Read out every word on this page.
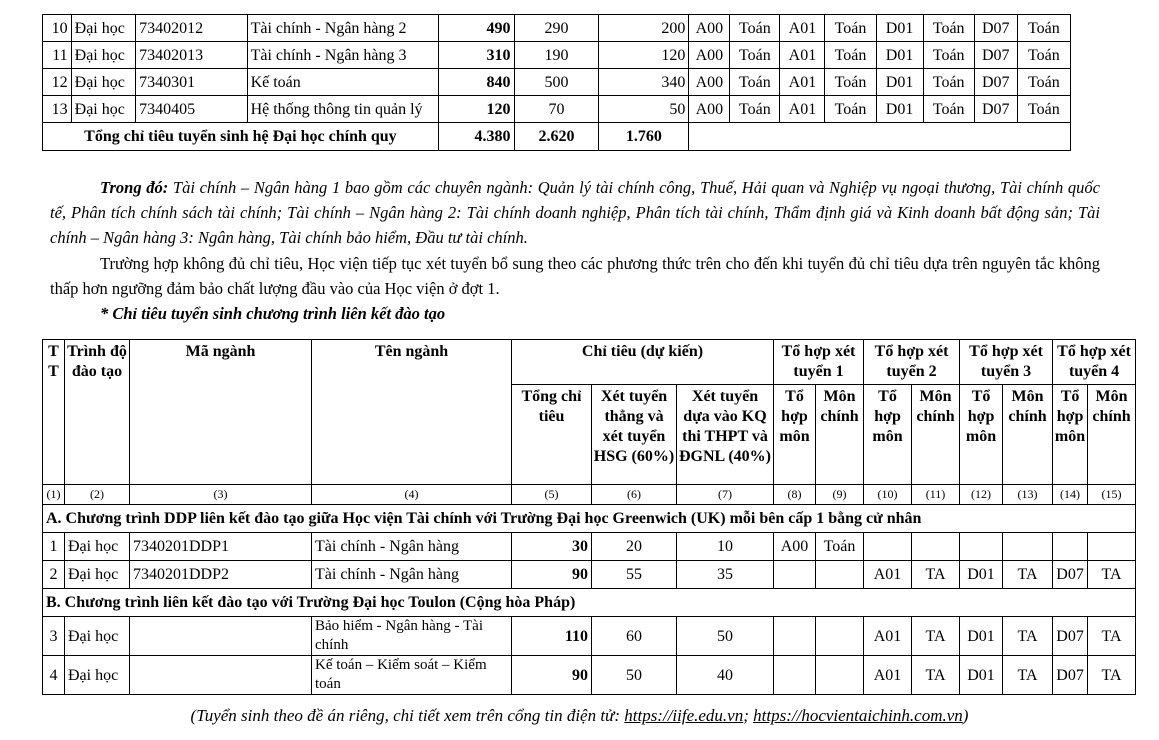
10	Đại học	73402012	Tài chính - Ngân hàng 2	490	290	200	A00	Toán	A01	Toán	D01	Toán	D07	Toán
11	Đại học	73402013	Tài chính - Ngân hàng 3	310	190	120	A00	Toán	A01	Toán	D01	Toán	D07	Toán
12	Đại học	7340301	Kế toán	840	500	340	A00	Toán	A01	Toán	D01	Toán	D07	Toán
13	Đại học	7340405	Hệ thống thông tin quản lý	120	70	50	A00	Toán	A01	Toán	D01	Toán	D07	Toán
Tổng chỉ tiêu tuyển sinh hệ Đại học chính quy				4.380	2.620	1.760								
Trong đó: Tài chính – Ngân hàng 1 bao gồm các chuyên ngành: Quản lý tài chính công, Thuế, Hải quan và Nghiệp vụ ngoại thương, Tài chính quốc tế, Phân tích chính sách tài chính; Tài chính – Ngân hàng 2: Tài chính doanh nghiệp, Phân tích tài chính, Thẩm định giá và Kinh doanh bất động sản; Tài chính – Ngân hàng 3: Ngân hàng, Tài chính bảo hiểm, Đầu tư tài chính.
Trường hợp không đủ chỉ tiêu, Học viện tiếp tục xét tuyển bổ sung theo các phương thức trên cho đến khi tuyển đủ chỉ tiêu dựa trên nguyên tắc không thấp hơn ngưỡng đảm bảo chất lượng đầu vào của Học viện ở đợt 1.
* Chỉ tiêu tuyển sinh chương trình liên kết đào tạo
T T	Trình độ đào tạo	Mã ngành	Tên ngành	Chỉ tiêu (dự kiến)			Tổ hợp xét tuyển 1		Tổ hợp xét tuyển 2		Tổ hợp xét tuyển 3		Tổ hợp xét tuyển 4	
				Tổng chỉ tiêu	Xét tuyển thẳng và xét tuyển HSG (60%)	Xét tuyển dựa vào KQ thi THPT và ĐGNL (40%)	Tổ hợp môn	Môn chính	Tổ hợp môn	Môn chính	Tổ hợp môn	Môn chính	Tổ hợp môn	Môn chính
(1)	(2)	(3)	(4)	(5)	(6)	(7)	(8)	(9)	(10)	(11)	(12)	(13)	(14)	(15)
A. Chương trình DDP liên kết đào tạo giữa Học viện Tài chính với Trường Đại học Greenwich (UK) mỗi bên cấp 1 bằng cử nhân														
1	Đại học	7340201DDP1	Tài chính - Ngân hàng	30	20	10	A00	Toán						
2	Đại học	7340201DDP2	Tài chính - Ngân hàng	90	55	35			A01	TA	D01	TA	D07	TA
B. Chương trình liên kết đào tạo với Trường Đại học Toulon (Cộng hòa Pháp)														
3	Đại học		Bảo hiểm - Ngân hàng - Tài chính	110	60	50			A01	TA	D01	TA	D07	TA
4	Đại học		Kế toán – Kiểm soát – Kiểm toán	90	50	40			A01	TA	D01	TA	D07	TA
(Tuyển sinh theo đề án riêng, chi tiết xem trên cổng tin điện tử: https://iife.edu.vn; https://hocvientaichinh.com.vn)
